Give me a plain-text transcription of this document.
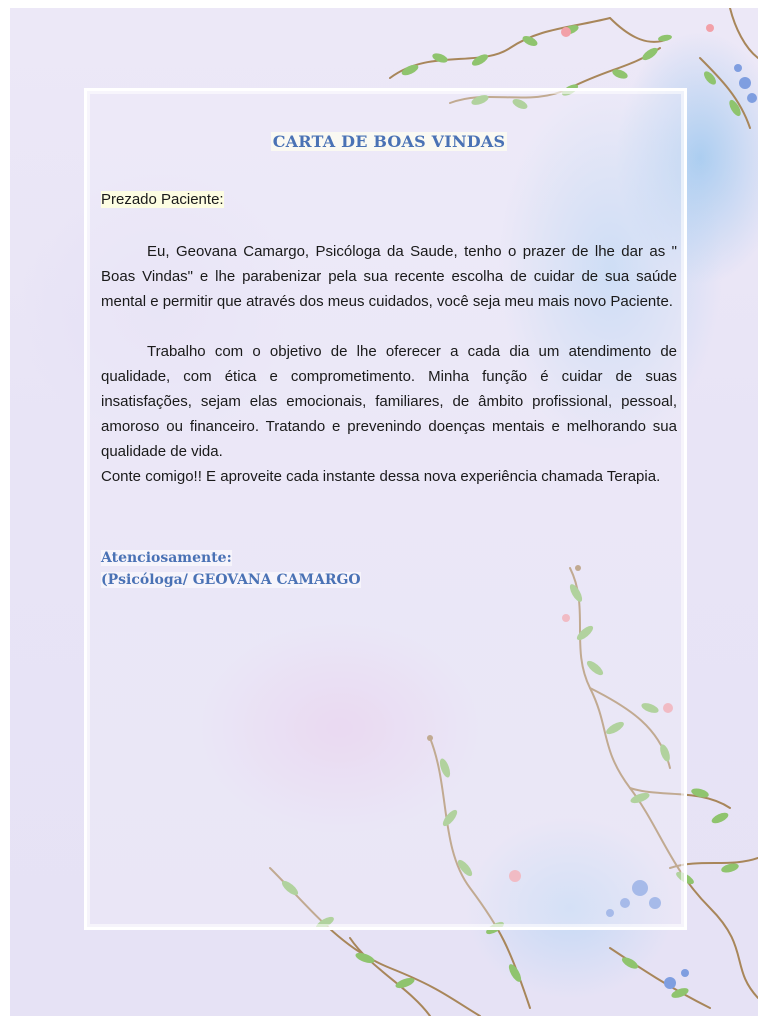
CARTA DE BOAS VINDAS

Prezado Paciente:

Eu, Geovana Camargo, Psicóloga da Saude, tenho o prazer de lhe dar as " Boas Vindas" e lhe parabenizar pela sua recente escolha de cuidar de sua saúde mental e permitir que através dos meus cuidados, você seja meu mais novo Paciente.

Trabalho com o objetivo de lhe oferecer a cada dia um atendimento de qualidade, com ética e comprometimento. Minha função é cuidar de suas insatisfações, sejam elas emocionais, familiares, de âmbito profissional, pessoal, amoroso ou financeiro. Tratando e prevenindo doenças mentais e melhorando sua qualidade de vida.

Conte comigo!! E aproveite cada instante dessa nova experiência chamada Terapia.

Atenciosamente:
(Psicóloga/ GEOVANA CAMARGO
